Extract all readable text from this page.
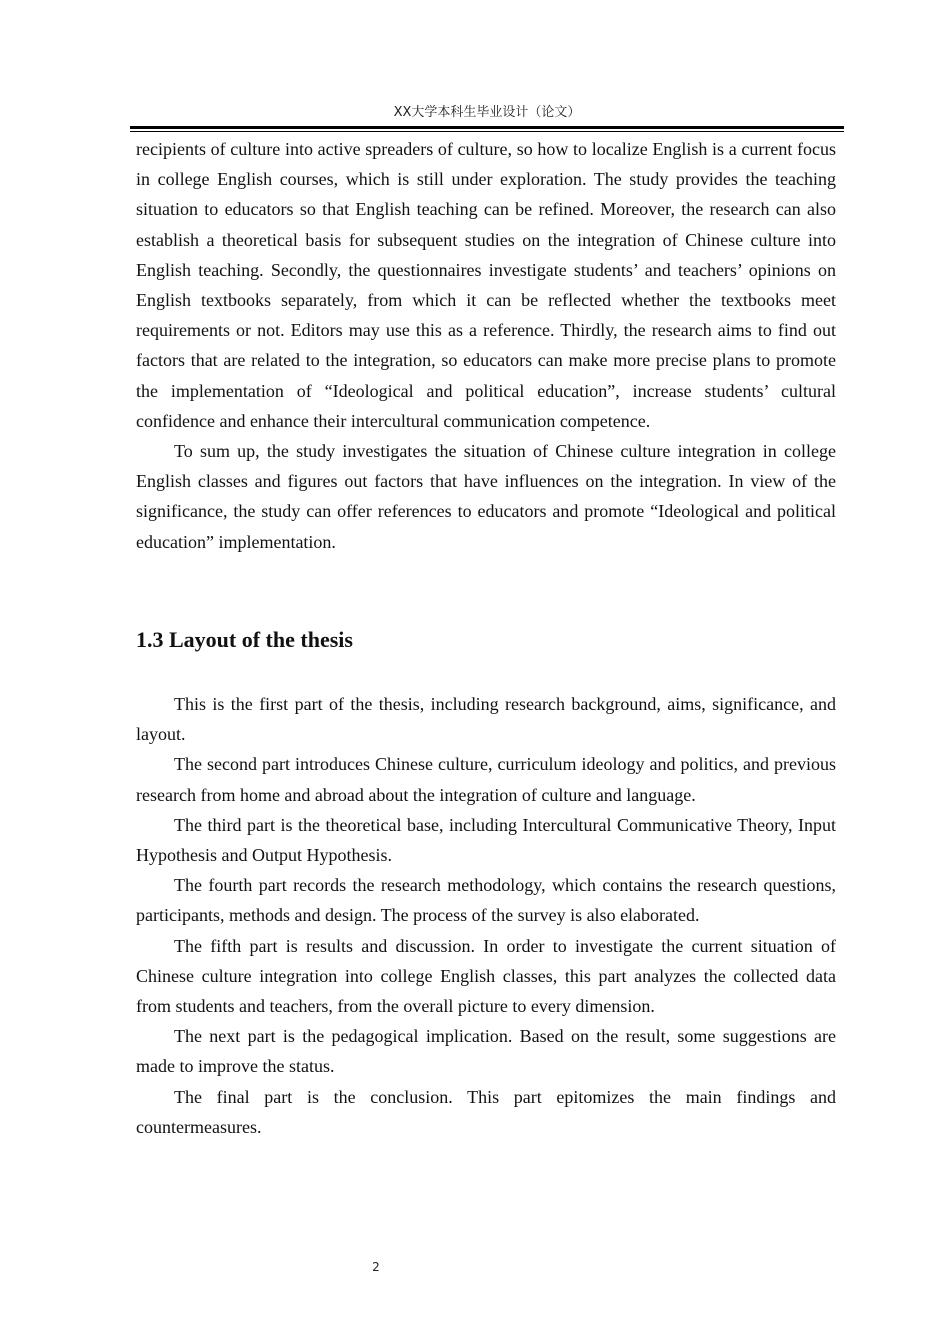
XX大学本科生毕业设计（论文）

recipients of culture into active spreaders of culture, so how to localize English is a current focus in college English courses, which is still under exploration. The study provides the teaching situation to educators so that English teaching can be refined. Moreover, the research can also establish a theoretical basis for subsequent studies on the integration of Chinese culture into English teaching. Secondly, the questionnaires investigate students’ and teachers’ opinions on English textbooks separately, from which it can be reflected whether the textbooks meet requirements or not. Editors may use this as a reference. Thirdly, the research aims to find out factors that are related to the integration, so educators can make more precise plans to promote the implementation of “Ideological and political education”, increase students’ cultural confidence and enhance their intercultural communication competence.

To sum up, the study investigates the situation of Chinese culture integration in college English classes and figures out factors that have influences on the integration. In view of the significance, the study can offer references to educators and promote “Ideological and political education” implementation.

1.3 Layout of the thesis

This is the first part of the thesis, including research background, aims, significance, and layout.

The second part introduces Chinese culture, curriculum ideology and politics, and previous research from home and abroad about the integration of culture and language.

The third part is the theoretical base, including Intercultural Communicative Theory, Input Hypothesis and Output Hypothesis.

The fourth part records the research methodology, which contains the research questions, participants, methods and design. The process of the survey is also elaborated.

The fifth part is results and discussion. In order to investigate the current situation of Chinese culture integration into college English classes, this part analyzes the collected data from students and teachers, from the overall picture to every dimension.

The next part is the pedagogical implication. Based on the result, some suggestions are made to improve the status.

The final part is the conclusion. This part epitomizes the main findings and countermeasures.

2
